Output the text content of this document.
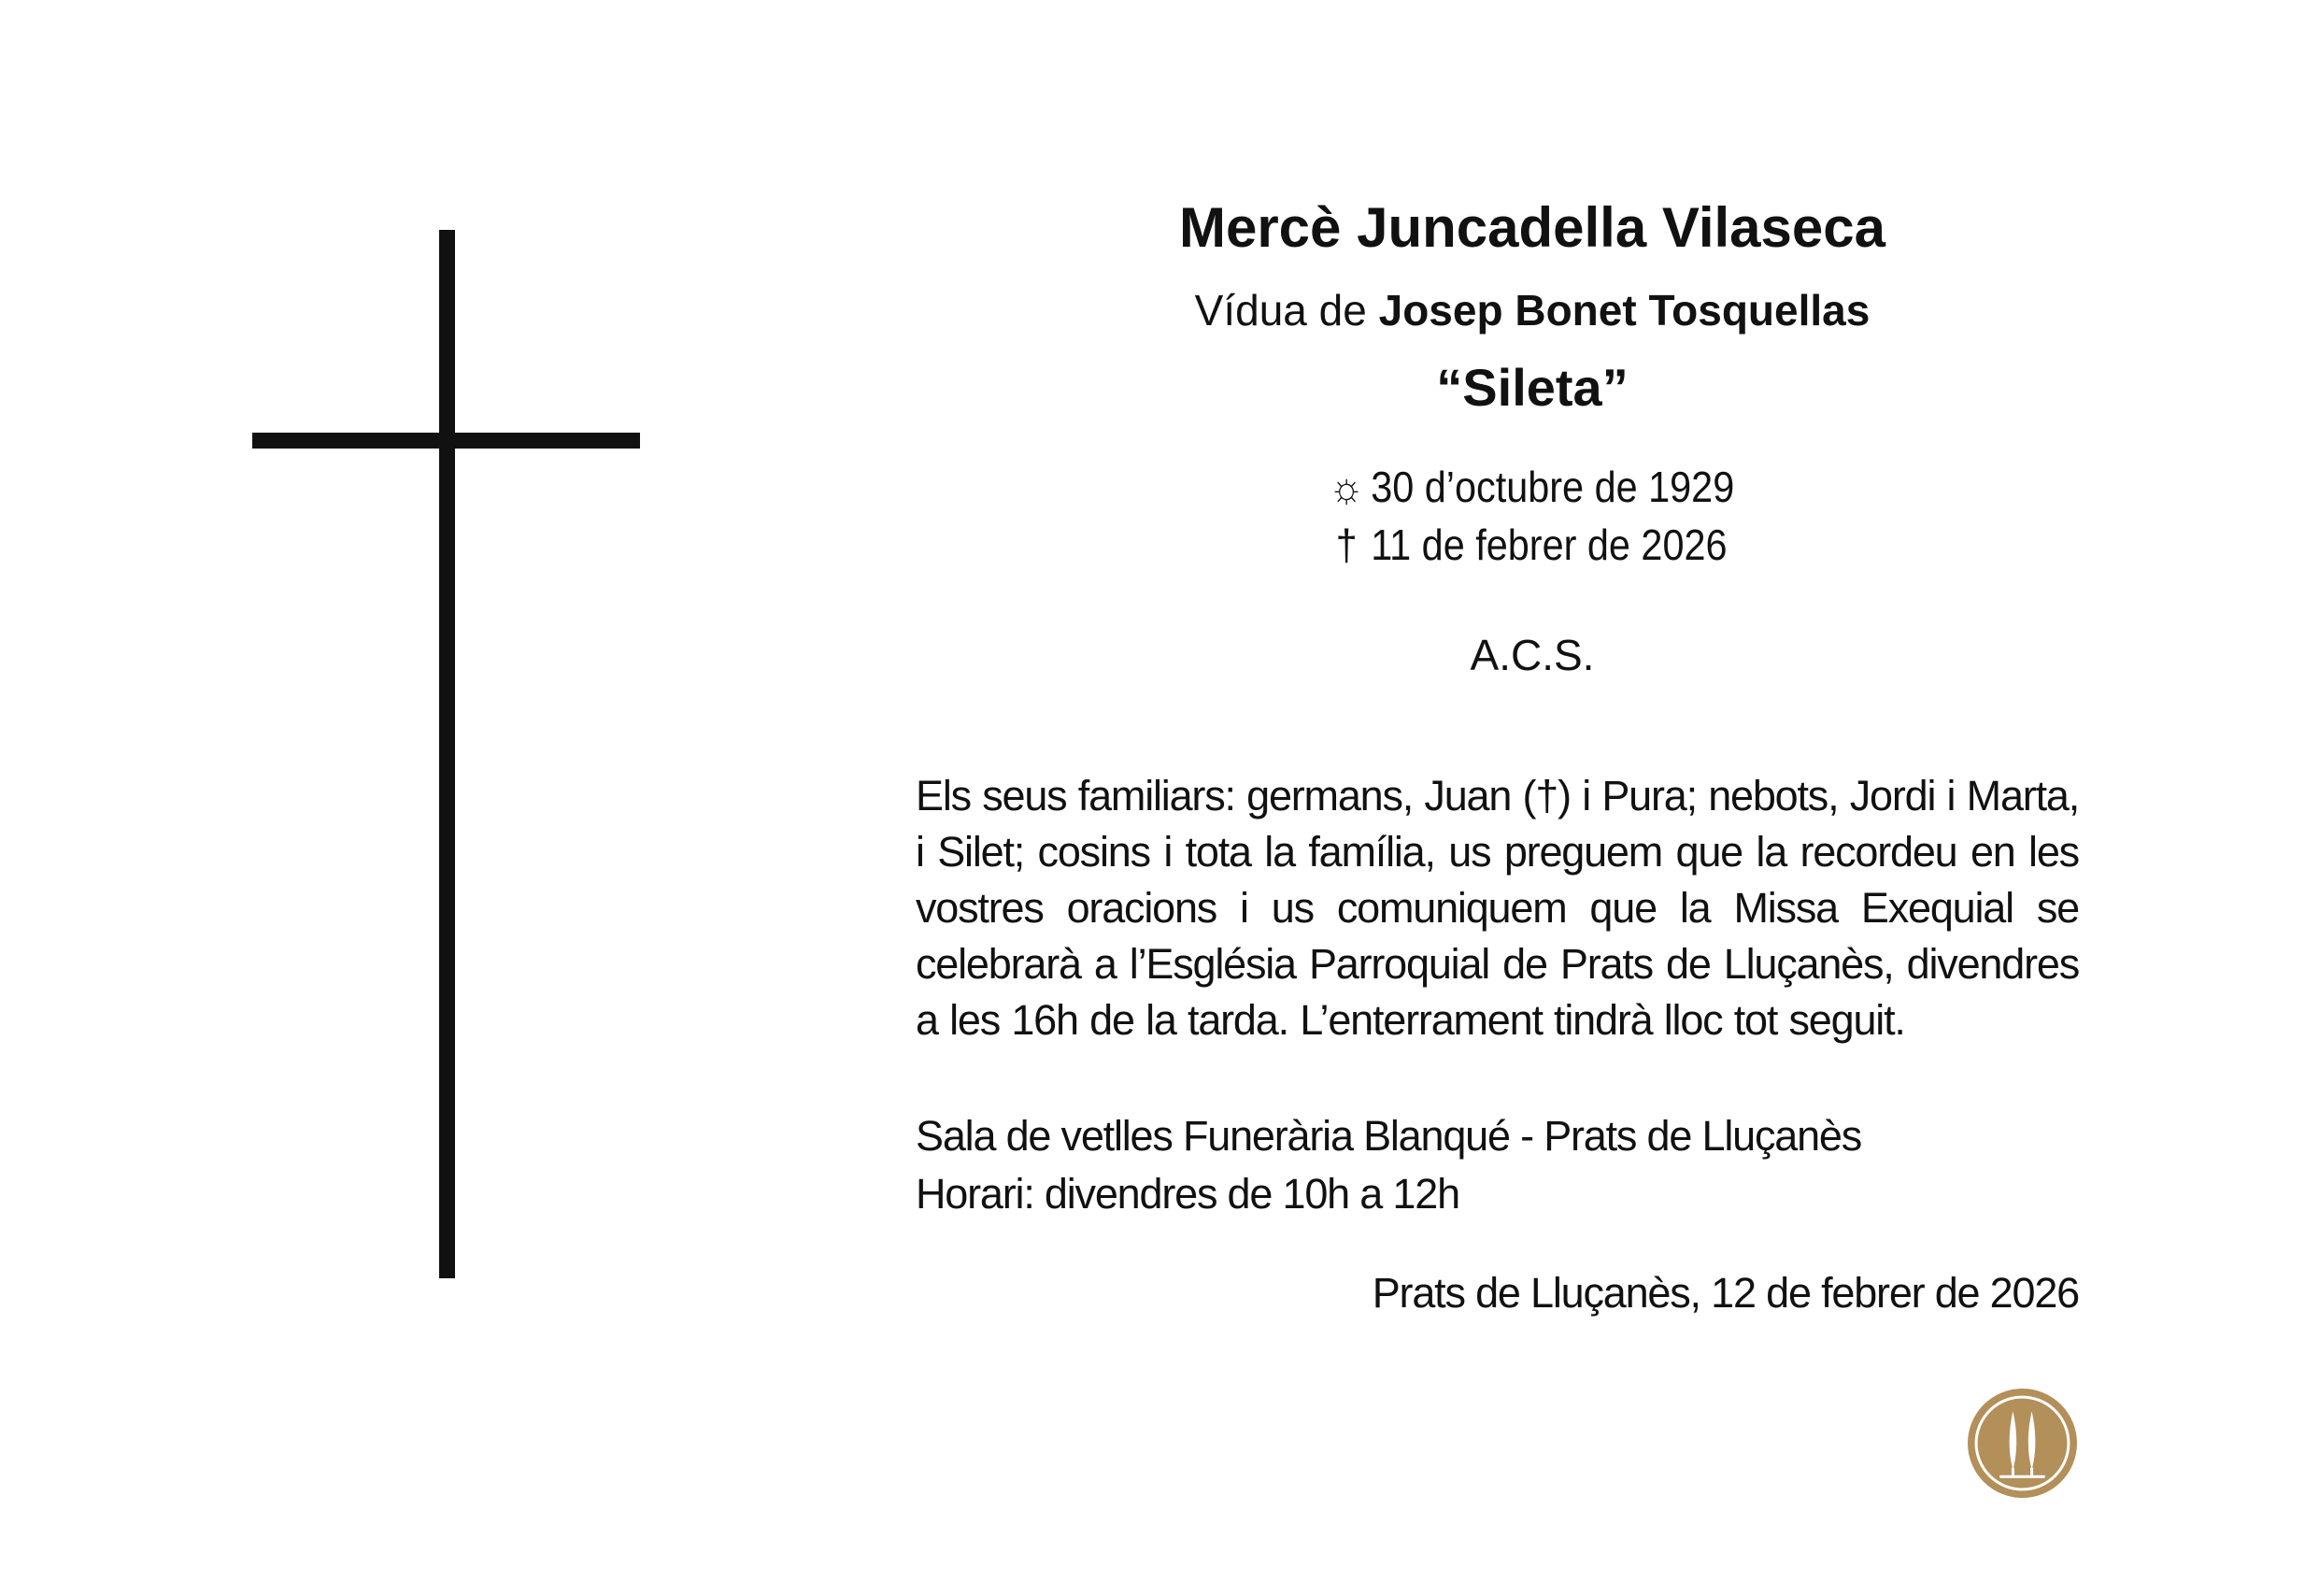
Mercè Juncadella Vilaseca
Vídua de Josep Bonet Tosquellas
“Sileta”
☼ 30 d’octubre de 1929
† 11 de febrer de 2026
A.C.S.
Els seus familiars: germans, Juan (†) i Pura; nebots, Jordi i Marta, i Silet; cosins i tota la família, us preguem que la recordeu en les vostres oracions i us comuniquem que la Missa Exequial se celebrarà a l’Església Parroquial de Prats de Lluçanès, divendres a les 16h de la tarda. L’enterrament tindrà lloc tot seguit.
Sala de vetlles Funerària Blanqué - Prats de Lluçanès
Horari: divendres de 10h a 12h
Prats de Lluçanès, 12 de febrer de 2026
